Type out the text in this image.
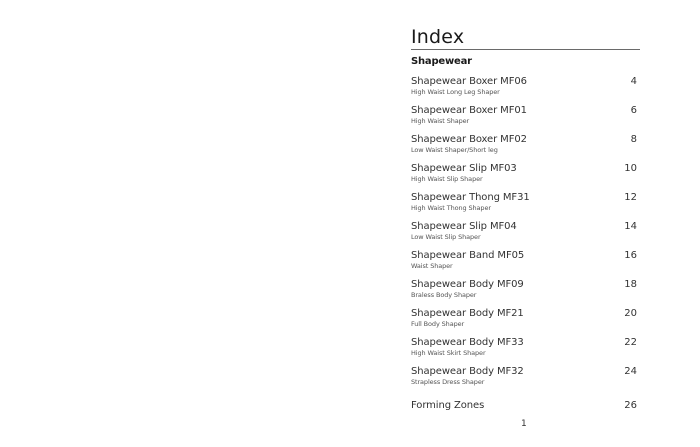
Index
Shapewear
Shapewear Boxer MF06
High Waist Long Leg Shaper
4
Shapewear Boxer MF01
High Waist Shaper
6
Shapewear Boxer MF02
Low Waist Shaper/Short leg
8
Shapewear Slip MF03
High Waist Slip Shaper
10
Shapewear Thong MF31
High Waist Thong Shaper
12
Shapewear Slip MF04
Low Waist Slip Shaper
14
Shapewear Band MF05
Waist Shaper
16
Shapewear Body MF09
Braless Body Shaper
18
Shapewear Body MF21
Full Body Shaper
20
Shapewear Body MF33
High Waist Skirt Shaper
22
Shapewear Body MF32
Strapless Dress Shaper
24
Forming Zones	26
1
